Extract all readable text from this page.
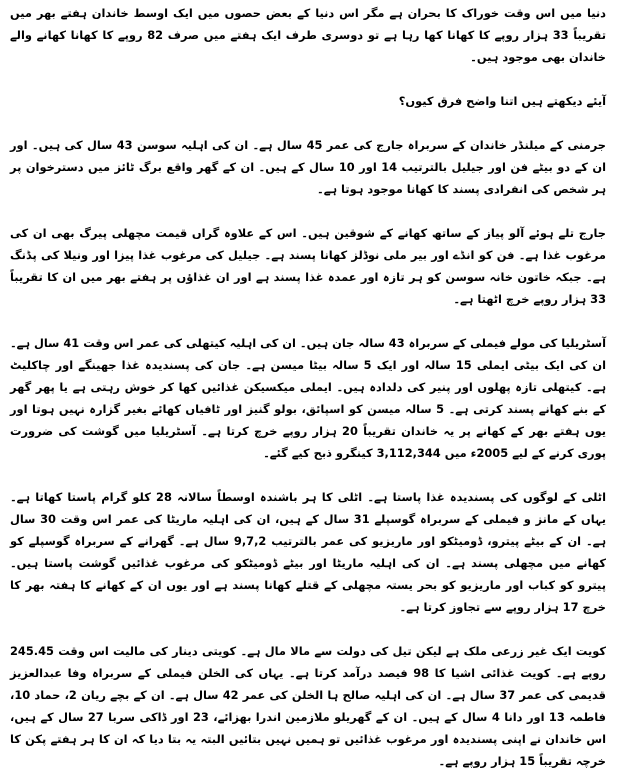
دنیا میں اس وقت خوراک کا بحران ہے مگر اس دنیا کے بعض حصوں میں ایک اوسط خاندان ہفتے بھر میں تقریباً 33 ہزار روپے کا کھانا کھا رہا ہے تو دوسری طرف ایک ہفتے میں صرف 82 روپے کا کھانا کھانے والے خاندان بھی موجود ہیں۔

آیئے دیکھتے ہیں اتنا واضح فرق کیوں؟

جرمنی کے میلنڈر خاندان کے سربراہ جارج کی عمر 45 سال ہے۔ ان کی اہلیہ سوسن 43 سال کی ہیں۔ اور ان کے دو بیٹے فن اور جیلیل بالترتیب 14 اور 10 سال کے ہیں۔ ان کے گھر واقع برگ ٹائز میں دسترخوان پر ہر شخص کی انفرادی پسند کا کھانا موجود ہوتا ہے۔

جارج تلے ہوئے آلو پیاز کے ساتھ کھانے کے شوقین ہیں۔ اس کے علاوہ گراں قیمت مچھلی پیرگ بھی ان کی مرغوب غذا ہے۔ فن کو انڈے اور بیر ملی نوڈلز کھانا پسند ہے۔ جیلیل کی مرغوب غذا پیزا اور ونیلا کی پڈنگ ہے۔ جبکہ خاتون خانہ سوسن کو ہر تازہ اور عمدہ غذا پسند ہے اور ان غذاؤں پر ہفتے بھر میں ان کا تقریباً 33 ہزار روپے خرچ اٹھتا ہے۔

آسٹریلیا کی مولے فیملی کے سربراہ 43 سالہ جان ہیں۔ ان کی اہلیہ کیتھلی کی عمر اس وقت 41 سال ہے۔ ان کی ایک بیٹی ایملی 15 سالہ اور ایک 5 سالہ بیٹا میسن ہے۔ جان کی پسندیدہ غذا جھینگے اور چاکلیٹ ہے۔ کیتھلی تازہ پھلوں اور پنیر کی دلدادہ ہیں۔ ایملی میکسیکن غذائیں کھا کر خوش رہتی ہے یا پھر گھر کے بنے کھانے پسند کرتی ہے۔ 5 سالہ میسن کو اسپائق، بولو گنیز اور ٹافیاں کھائے بغیر گزارہ نہیں ہوتا اور یوں ہفتے بھر کے کھانے پر یہ خاندان تقریباً 20 ہزار روپے خرچ کرتا ہے۔ آسٹریلیا میں گوشت کی ضرورت پوری کرنے کے لیے 2005ء میں 3,112,344 کینگرو ذبح کیے گئے۔

اٹلی کے لوگوں کی پسندیدہ غذا پاستا ہے۔ اٹلی کا ہر باشندہ اوسطاً سالانہ 28 کلو گرام پاستا کھاتا ہے۔ یہاں کے مانز و فیملی کے سربراہ گوسپلے 31 سال کے ہیں، ان کی اہلیہ ماریٹا کی عمر اس وقت 30 سال ہے۔ ان کے بیٹے پیترو، ڈومیٹکو اور ماریزیو کی عمر بالترتیب 9,7,2 سال ہے۔ گھرانے کے سربراہ گوسپلے کو کھانے میں مچھلی پسند ہے۔ ان کی اہلیہ ماریٹا اور بیٹے ڈومیٹکو کی مرغوب غذائیں گوشت پاستا ہیں۔ پیترو کو کباب اور ماریزیو کو بحر یستہ مچھلی کے قتلے کھانا پسند ہے اور یوں ان کے کھانے کا ہفتہ بھر کا خرچ 17 ہزار روپے سے تجاوز کرتا ہے۔

کویت ایک غیر زرعی ملک ہے لیکن تیل کی دولت سے مالا مال ہے۔ کویتی دینار کی مالیت اس وقت 245.45 روپے ہے۔ کویت غذائی اشیا کا 98 فیصد درآمد کرتا ہے۔ یہاں کی الخلن فیملی کے سربراہ وفا عبدالعزیز قدیمی کی عمر 37 سال ہے۔ ان کی اہلیہ صالح ہا الخلن کی عمر 42 سال ہے۔ ان کے بچے ریان 2، حماد 10، فاطمہ 13 اور دانا 4 سال کے ہیں۔ ان کے گھریلو ملازمین اندرا بھزائے، 23 اور ڈاکی سربا 27 سال کے ہیں، اس خاندان نے اپنی پسندیدہ اور مرغوب غذائیں تو ہمیں نہیں بتائیں البتہ یہ بتا دیا کہ ان کا ہر ہفتے پکن کا خرچہ تقریباً 15 ہزار روپے ہے۔
